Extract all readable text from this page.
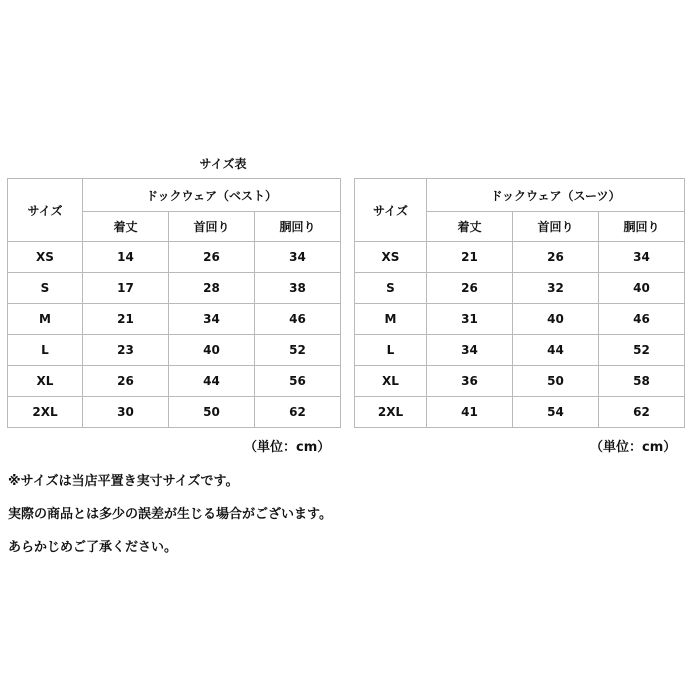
サイズ表
サイズ	ドックウェア（ベスト）		
	着丈	首回り	胴回り
XS	14	26	34
S	17	28	38
M	21	34	46
L	23	40	52
XL	26	44	56
2XL	30	50	62
サイズ	ドックウェア（スーツ）		
	着丈	首回り	胴回り
XS	21	26	34
S	26	32	40
M	31	40	46
L	34	44	52
XL	36	50	58
2XL	41	54	62
（単位：cm）	（単位：cm）
※サイズは当店平置き実寸サイズです。
実際の商品とは多少の誤差が生じる場合がございます。
あらかじめご了承ください。
